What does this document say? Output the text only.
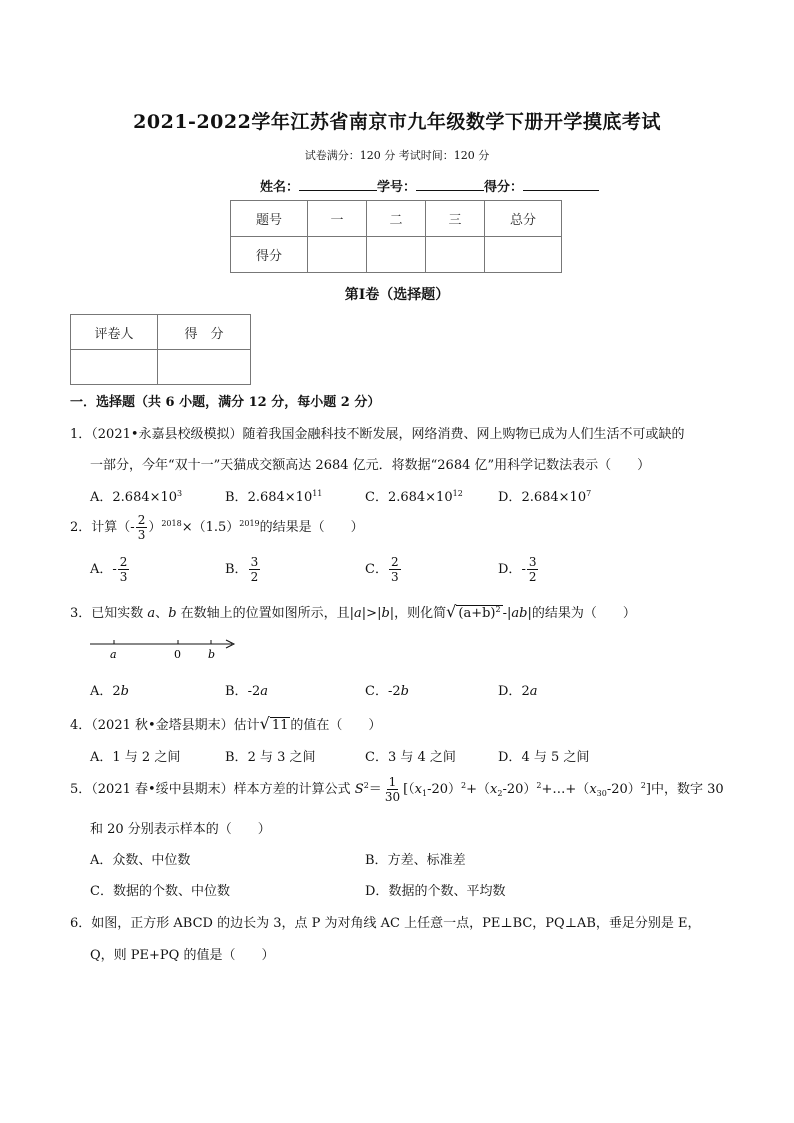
2021-2022学年江苏省南京市九年级数学下册开学摸底考试
试卷满分：120 分 考试时间：120 分
姓名：	学号：	得分：
题号	一	二	三	总分
得分				
第Ⅰ卷（选择题）
评卷人	得　分

一．选择题（共 6 小题，满分 12 分，每小题 2 分）
1．（2021•永嘉县校级模拟）随着我国金融科技不断发展，网络消费、网上购物已成为人们生活不可或缺的
一部分，今年“双十一”天猫成交额高达 2684 亿元．将数据“2684 亿”用科学记数法表示（　　）
A．$2.684\times 10^3$	B．$2.684\times 10^{11}$	C．$2.684\times 10^{12}$	D．$2.684\times 10^7$
2．计算（- $\frac{2}{3} )^{2018}\times(1.5)^{2019}$的结果是（　　）
A．- $\frac{2}{3}$	B． $\frac{3}{2}$	C． $\frac{2}{3}$	D．- $\frac{3}{2}$
3．已知实数 a、b 在数轴上的位置如图所示，且|a|>|b|，则化简√ $(a+b)^2$ -|ab|的结果为（　　）
a	0 b
A．2b	B．-2a	C．-2b	D．2a
4．（2021 秋•金塔县期末）估计√ 11 的值在（　　）
A．1 与 2 之间	B．2 与 3 之间	C．3 与 4 之间	D．4 与 5 之间
5．（2021 春•绥中县期末）样本方差的计算公式 $S^2= \frac{1}{30}$ $[(x_1-20)^2+(x_2-20)^2+\dots+(x_{30}-20)^2]$中，数字 30
和 20 分别表示样本的（　　）
A．众数、中位数	B．方差、标准差
C．数据的个数、中位数	D．数据的个数、平均数
6．如图，正方形 ABCD 的边长为 3，点 P 为对角线 AC 上任意一点，PE⊥BC，PQ⊥AB，垂足分别是 E，
Q，则 PE+PQ 的值是（　　）
